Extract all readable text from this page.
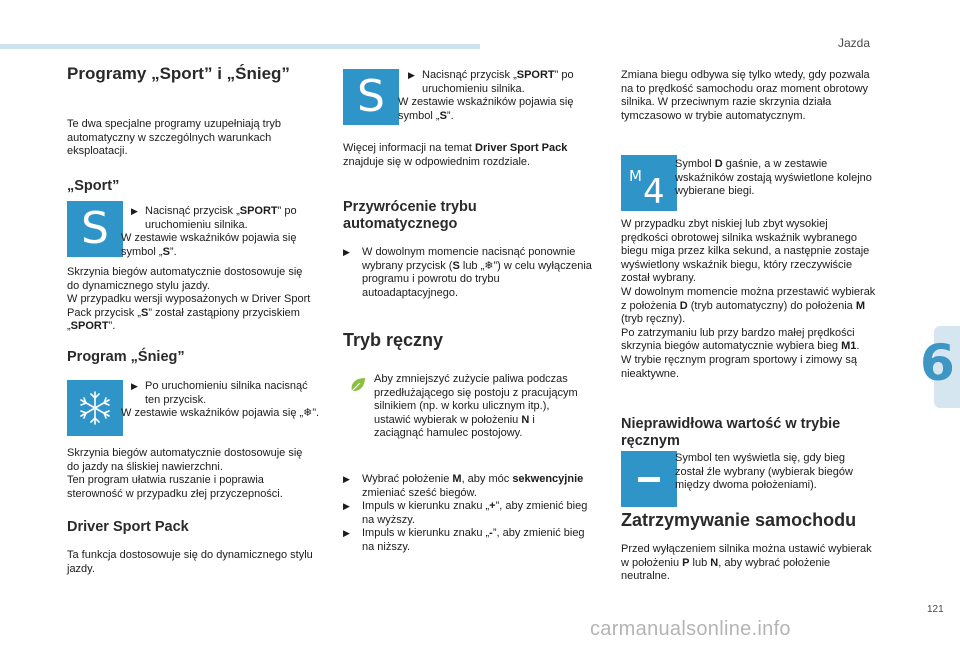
Jazda
6
121
carmanualsonline.info
Programy „Sport” i „Śnieg”

Te dwa specjalne programy uzupełniają tryb automatyczny w szczególnych warunkach eksploatacji.

„Sport”
S	▶ Nacisnąć przycisk „SPORT” po uruchomieniu silnika.

W zestawie wskaźników pojawia się symbol „S”.

Skrzynia biegów automatycznie dostosowuje się do dynamicznego stylu jazdy.

W przypadku wersji wyposażonych w Driver Sport Pack przycisk „S” został zastąpiony przyciskiem „SPORT”.

Program „Śnieg”
▶ Po uruchomieniu silnika nacisnąć ten przycisk.

W zestawie wskaźników pojawia się „❄”.

Skrzynia biegów automatycznie dostosowuje się do jazdy na śliskiej nawierzchni.

Ten program ułatwia ruszanie i poprawia sterowność w przypadku złej przyczepności.

Driver Sport Pack
Ta funkcja dostosowuje się do dynamicznego stylu jazdy.
S	▶ Nacisnąć przycisk „SPORT” po uruchomieniu silnika.

W zestawie wskaźników pojawia się symbol „S”.

Więcej informacji na temat Driver Sport Pack znajduje się w odpowiednim rozdziale.

Przywrócenie trybu automatycznego
▶ W dowolnym momencie nacisnąć ponownie wybrany przycisk (S lub „❄”) w celu wyłączenia programu i powrotu do trybu autoadaptacyjnego.
Tryb ręczny

Aby zmniejszyć zużycie paliwa podczas przedłużającego się postoju z pracującym silnikiem (np. w korku ulicznym itp.), ustawić wybierak w położeniu N i zaciągnąć hamulec postojowy.

▶ Wybrać położenie M, aby móc sekwencyjnie zmieniać sześć biegów.
▶ Impuls w kierunku znaku „+”, aby zmienić bieg na wyższy.
▶ Impuls w kierunku znaku „-”, aby zmienić bieg na niższy.
Zmiana biegu odbywa się tylko wtedy, gdy pozwala na to prędkość samochodu oraz moment obrotowy silnika. W przeciwnym razie skrzynia działa tymczasowo w trybie automatycznym.
M 4

Symbol D gaśnie, a w zestawie wskaźników zostają wyświetlone kolejno wybierane biegi.

W przypadku zbyt niskiej lub zbyt wysokiej prędkości obrotowej silnika wskaźnik wybranego biegu miga przez kilka sekund, a następnie zostaje wyświetlony wskaźnik biegu, który rzeczywiście został wybrany.

W dowolnym momencie można przestawić wybierak z położenia D (tryb automatyczny) do położenia M (tryb ręczny).

Po zatrzymaniu lub przy bardzo małej prędkości skrzynia biegów automatycznie wybiera bieg M1.

W trybie ręcznym program sportowy i zimowy są nieaktywne.

Nieprawidłowa wartość w trybie ręcznym
Symbol ten wyświetla się, gdy bieg został źle wybrany (wybierak biegów między dwoma położeniami).
Zatrzymywanie samochodu

Przed wyłączeniem silnika można ustawić wybierak w położeniu P lub N, aby wybrać położenie neutralne.
